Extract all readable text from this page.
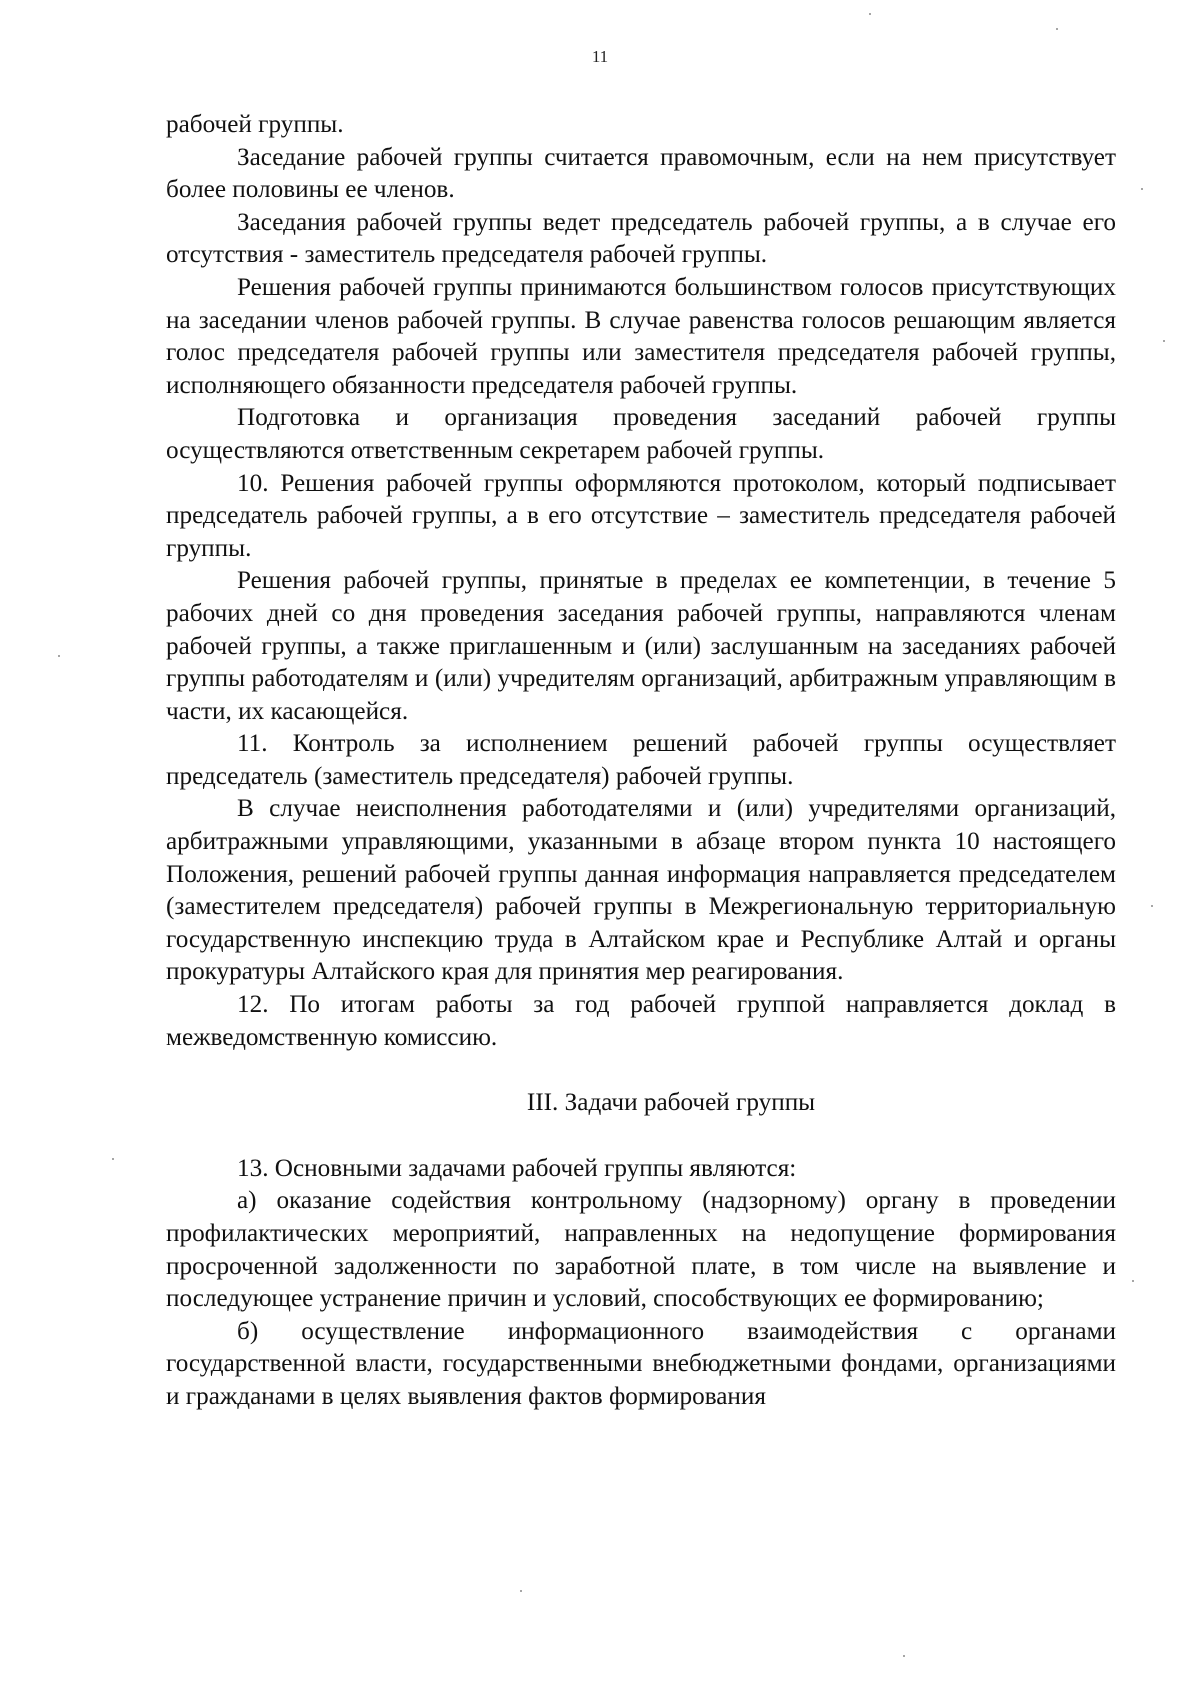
11

рабочей группы.

Заседание рабочей группы считается правомочным, если на нем присутствует более половины ее членов.

Заседания рабочей группы ведет председатель рабочей группы, а в случае его отсутствия - заместитель председателя рабочей группы.

Решения рабочей группы принимаются большинством голосов присутствующих на заседании членов рабочей группы. В случае равенства голосов решающим является голос председателя рабочей группы или заместителя председателя рабочей группы, исполняющего обязанности председателя рабочей группы.

Подготовка и организация проведения заседаний рабочей группы осуществляются ответственным секретарем рабочей группы.

10. Решения рабочей группы оформляются протоколом, который подписывает председатель рабочей группы, а в его отсутствие – заместитель председателя рабочей группы.

Решения рабочей группы, принятые в пределах ее компетенции, в течение 5 рабочих дней со дня проведения заседания рабочей группы, направляются членам рабочей группы, а также приглашенным и (или) заслушанным на заседаниях рабочей группы работодателям и (или) учредителям организаций, арбитражным управляющим в части, их касающейся.

11. Контроль за исполнением решений рабочей группы осуществляет председатель (заместитель председателя) рабочей группы.

В случае неисполнения работодателями и (или) учредителями организаций, арбитражными управляющими, указанными в абзаце втором пункта 10 настоящего Положения, решений рабочей группы данная информация направляется председателем (заместителем председателя) рабочей группы в Межрегиональную территориальную государственную инспекцию труда в Алтайском крае и Республике Алтай и органы прокуратуры Алтайского края для принятия мер реагирования.

12. По итогам работы за год рабочей группой направляется доклад в межведомственную комиссию.

III. Задачи рабочей группы

13. Основными задачами рабочей группы являются:

а) оказание содействия контрольному (надзорному) органу в проведении профилактических мероприятий, направленных на недопущение формирования просроченной задолженности по заработной плате, в том числе на выявление и последующее устранение причин и условий, способствующих ее формированию;

б) осуществление информационного взаимодействия с органами государственной власти, государственными внебюджетными фондами, организациями и гражданами в целях выявления фактов формирования
